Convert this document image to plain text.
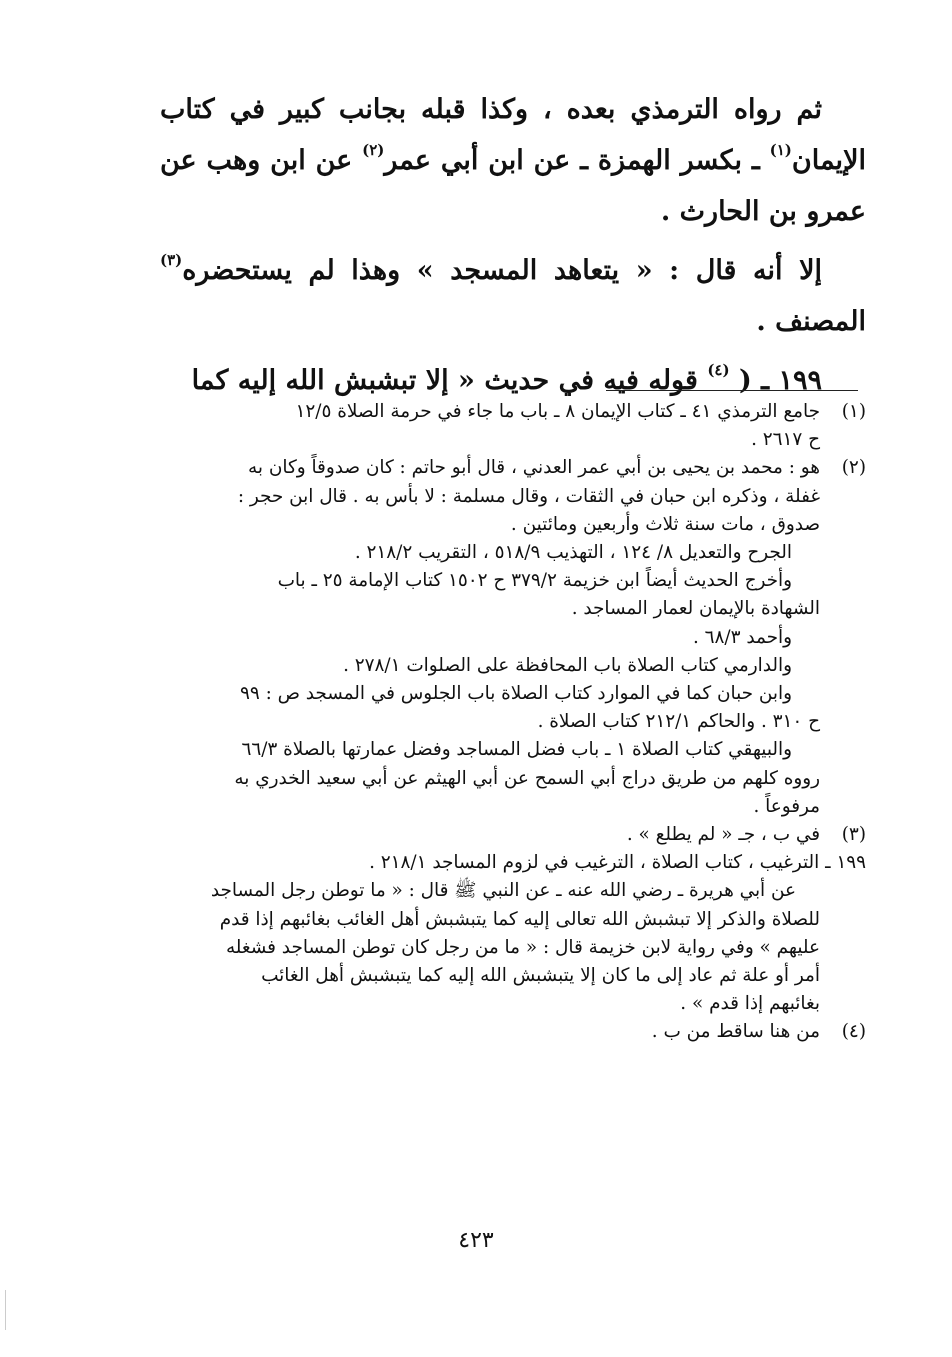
ثم رواه الترمذي بعده ، وكذا قبله بجانب كبير في كتاب الإيمان$^{(١)}$ ـ بكسر الهمزة ـ عن ابن أبي عمر$^{(٢)}$ عن ابن وهب عن عمرو بن الحارث .

إلا أنه قال : « يتعاهد المسجد » وهذا لم يستحضره$^{(٣)}$ المصنف .

١٩٩ ـ ( $^{(٤)}$ قوله فيه في حديث « إلا تبشبش الله إليه كما

(١)

جامع الترمذي ٤١ ـ كتاب الإيمان ٨ ـ باب ما جاء في حرمة الصلاة ١٢/٥

ح ٢٦١٧ .

(٢)

هو : محمد بن يحيى بن أبي عمر العدني ، قال أبو حاتم : كان صدوقاً وكان به

غفلة ، وذكره ابن حبان في الثقات ، وقال مسلمة : لا بأس به . قال ابن حجر :

صدوق ، مات سنة ثلاث وأربعين ومائتين .

الجرح والتعديل ٨/ ١٢٤ ، التهذيب ٥١٨/٩ ، التقريب ٢١٨/٢ .

وأخرج الحديث أيضاً ابن خزيمة ٣٧٩/٢ ح ١٥٠٢ كتاب الإمامة ٢٥ ـ باب

الشهادة بالإيمان لعمار المساجد .

وأحمد ٦٨/٣ .

والدارمي كتاب الصلاة باب المحافظة على الصلوات ٢٧٨/١ .

وابن حبان كما في الموارد كتاب الصلاة باب الجلوس في المسجد ص : ٩٩

ح ٣١٠ . والحاكم ٢١٢/١ كتاب الصلاة .

والبيهقي كتاب الصلاة ١ ـ باب فضل المساجد وفضل عمارتها بالصلاة ٦٦/٣

رووه كلهم من طريق دراج أبي السمح عن أبي الهيثم عن أبي سعيد الخدري به

مرفوعاً .

(٣)

في ب ، جـ « لم يطلع » .

١٩٩ ـ الترغيب ، كتاب الصلاة ، الترغيب في لزوم المساجد ٢١٨/١ .

عن أبي هريرة ـ رضي الله عنه ـ عن النبي ﷺ قال : « ما توطن رجل المساجد

للصلاة والذكر إلا تبشبش الله تعالى إليه كما يتبشبش أهل الغائب بغائبهم إذا قدم

عليهم » وفي رواية لابن خزيمة قال : « ما من رجل كان توطن المساجد فشغله

أمر أو علة ثم عاد إلى ما كان إلا يتبشبش الله إليه كما يتبشبش أهل الغائب

بغائبهم إذا قدم » .

(٤)

من هنا ساقط من ب .

٤٢٣
